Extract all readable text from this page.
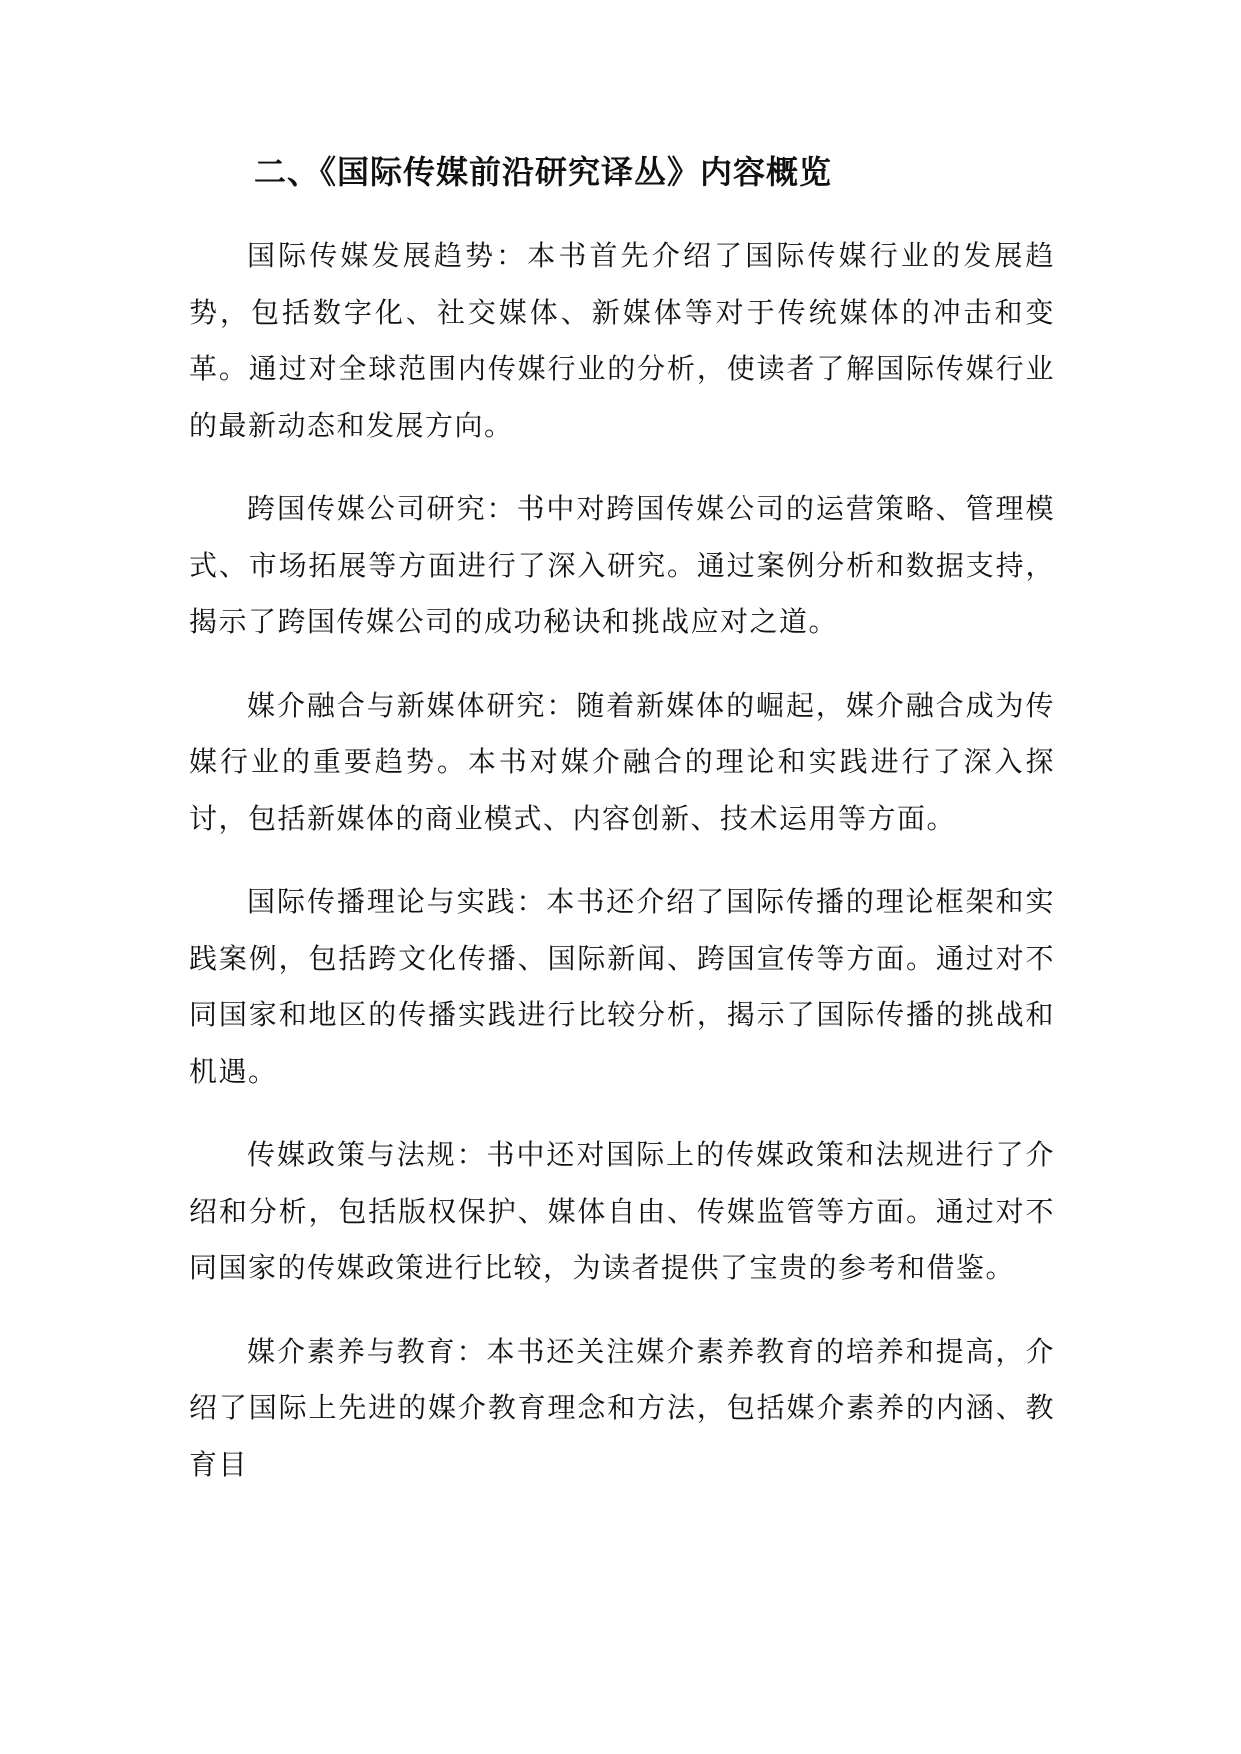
二、《国际传媒前沿研究译丛》内容概览

国际传媒发展趋势：本书首先介绍了国际传媒行业的发展趋势，包括数字化、社交媒体、新媒体等对于传统媒体的冲击和变革。通过对全球范围内传媒行业的分析，使读者了解国际传媒行业的最新动态和发展方向。

跨国传媒公司研究：书中对跨国传媒公司的运营策略、管理模式、市场拓展等方面进行了深入研究。通过案例分析和数据支持，揭示了跨国传媒公司的成功秘诀和挑战应对之道。

媒介融合与新媒体研究：随着新媒体的崛起，媒介融合成为传媒行业的重要趋势。本书对媒介融合的理论和实践进行了深入探讨，包括新媒体的商业模式、内容创新、技术运用等方面。

国际传播理论与实践：本书还介绍了国际传播的理论框架和实践案例，包括跨文化传播、国际新闻、跨国宣传等方面。通过对不同国家和地区的传播实践进行比较分析，揭示了国际传播的挑战和机遇。

传媒政策与法规：书中还对国际上的传媒政策和法规进行了介绍和分析，包括版权保护、媒体自由、传媒监管等方面。通过对不同国家的传媒政策进行比较，为读者提供了宝贵的参考和借鉴。

媒介素养与教育：本书还关注媒介素养教育的培养和提高，介绍了国际上先进的媒介教育理念和方法，包括媒介素养的内涵、教育目
